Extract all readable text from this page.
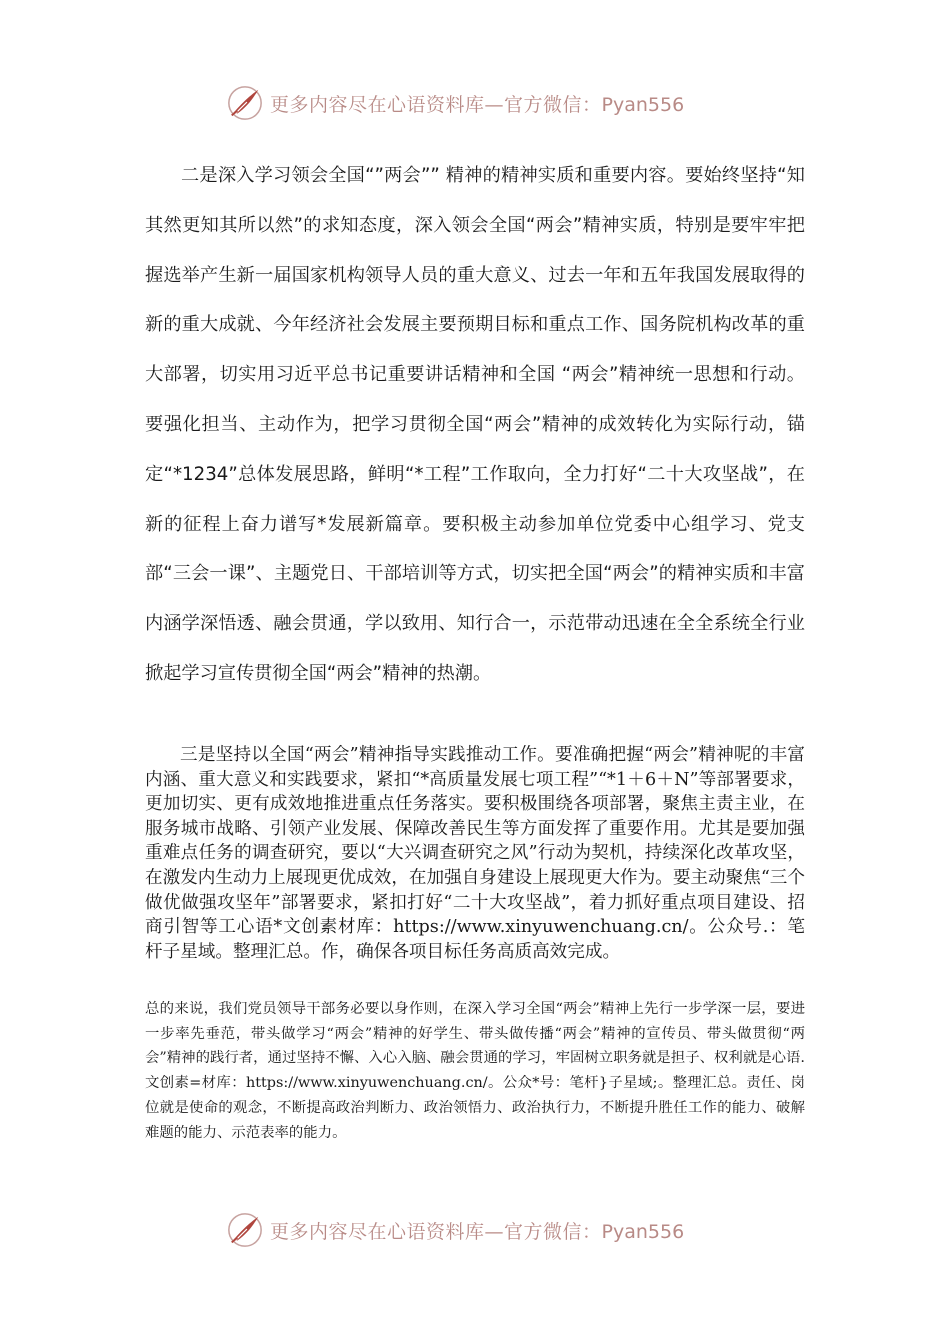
更多内容尽在心语资料库—官方微信：Pyan556

二是深入学习领会全国“”两会”” 精神的精神实质和重要内容。要始终坚持“知其然更知其所以然”的求知态度，深入领会全国“两会”精神实质，特别是要牢牢把握选举产生新一届国家机构领导人员的重大意义、过去一年和五年我国发展取得的新的重大成就、今年经济社会发展主要预期目标和重点工作、国务院机构改革的重大部署，切实用习近平总书记重要讲话精神和全国 “两会”精神统一思想和行动。要强化担当、主动作为，把学习贯彻全国“两会”精神的成效转化为实际行动，锚定“*1234”总体发展思路，鲜明“*工程”工作取向，全力打好“二十大攻坚战”，在新的征程上奋力谱写*发展新篇章。要积极主动参加单位党委中心组学习、党支部“三会一课”、主题党日、干部培训等方式，切实把全国“两会”的精神实质和丰富内涵学深悟透、融会贯通，学以致用、知行合一，示范带动迅速在全全系统全行业掀起学习宣传贯彻全国“两会”精神的热潮。

三是坚持以全国“两会”精神指导实践推动工作。要准确把握“两会”精神呢的丰富内涵、重大意义和实践要求，紧扣“*高质量发展七项工程”“*1＋6＋N”等部署要求，更加切实、更有成效地推进重点任务落实。要积极围绕各项部署，聚焦主责主业，在服务城市战略、引领产业发展、保障改善民生等方面发挥了重要作用。尤其是要加强重难点任务的调查研究，要以“大兴调查研究之风”行动为契机，持续深化改革攻坚，在激发内生动力上展现更优成效，在加强自身建设上展现更大作为。要主动聚焦“三个做优做强攻坚年”部署要求，紧扣打好“二十大攻坚战”，着力抓好重点项目建设、招商引智等工心语*文创素材库：https://www.xinyuwenchuang.cn/。公众号.：笔杆子星域。整理汇总。作，确保各项目标任务高质高效完成。

总的来说，我们党员领导干部务必要以身作则，在深入学习全国“两会”精神上先行一步学深一层，要进一步率先垂范，带头做学习“两会”精神的好学生、带头做传播“两会”精神的宣传员、带头做贯彻“两会”精神的践行者，通过坚持不懈、入心入脑、融会贯通的学习，牢固树立职务就是担子、权利就是心语.文创素=材库：https://www.xinyuwenchuang.cn/。公众*号：笔杆}子星域;。整理汇总。责任、岗位就是使命的观念，不断提高政治判断力、政治领悟力、政治执行力，不断提升胜任工作的能力、破解难题的能力、示范表率的能力。

更多内容尽在心语资料库—官方微信：Pyan556
